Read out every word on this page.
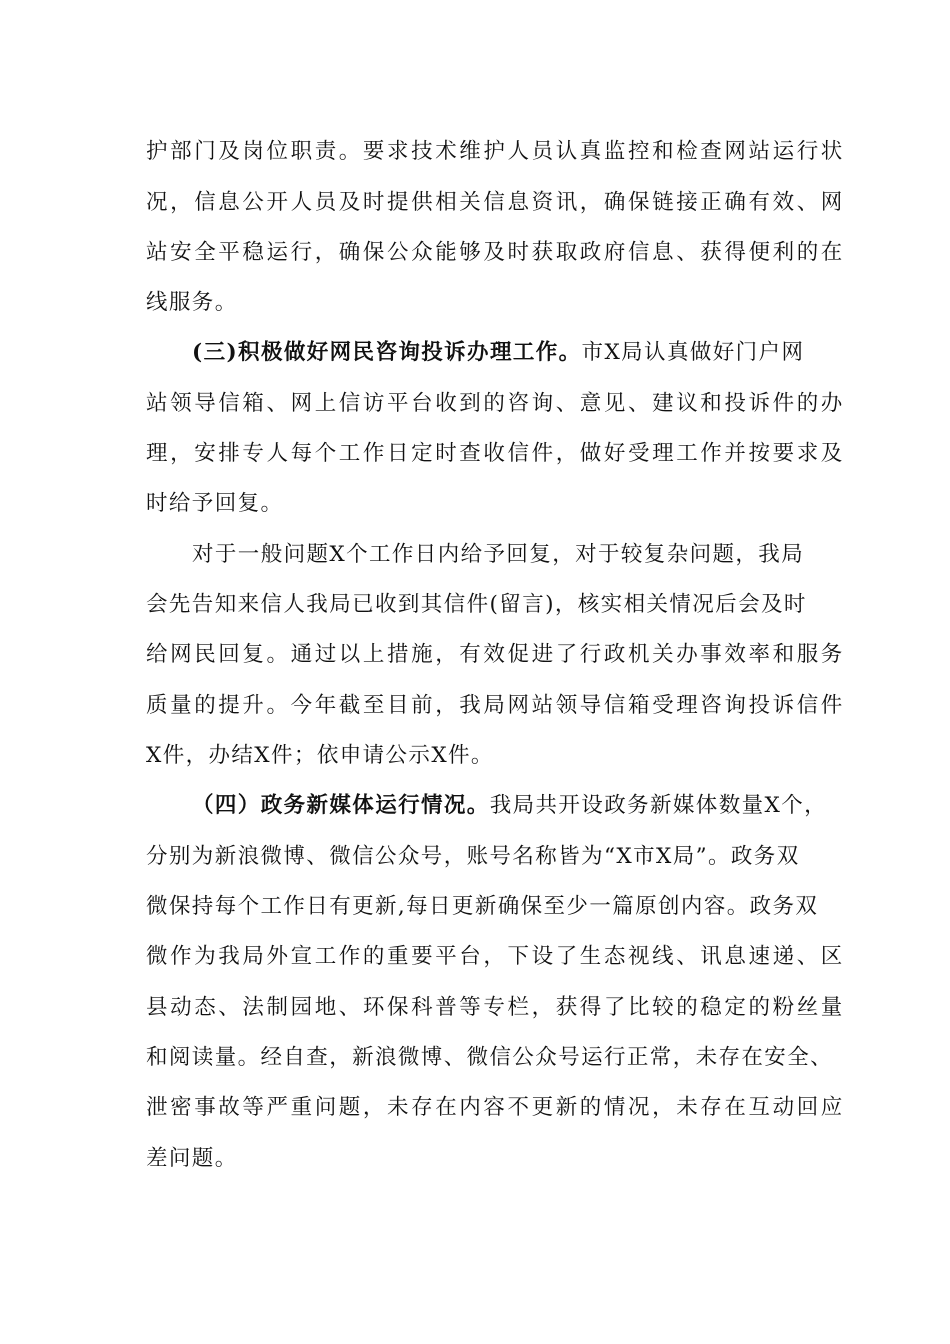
护部门及岗位职责。要求技术维护人员认真监控和检查网站运行状
况，信息公开人员及时提供相关信息资讯，确保链接正确有效、网
站安全平稳运行，确保公众能够及时获取政府信息、获得便利的在
线服务。
(三)积极做好网民咨询投诉办理工作。市X局认真做好门户网
站领导信箱、网上信访平台收到的咨询、意见、建议和投诉件的办
理，安排专人每个工作日定时查收信件，做好受理工作并按要求及
时给予回复。
对于一般问题X个工作日内给予回复，对于较复杂问题，我局
会先告知来信人我局已收到其信件(留言)，核实相关情况后会及时
给网民回复。通过以上措施，有效促进了行政机关办事效率和服务
质量的提升。今年截至目前，我局网站领导信箱受理咨询投诉信件
X件，办结X件；依申请公示X件。
（四）政务新媒体运行情况。我局共开设政务新媒体数量X个，
分别为新浪微博、微信公众号，账号名称皆为“X市X局”。政务双
微保持每个工作日有更新,每日更新确保至少一篇原创内容。政务双
微作为我局外宣工作的重要平台，下设了生态视线、讯息速递、区
县动态、法制园地、环保科普等专栏，获得了比较的稳定的粉丝量
和阅读量。经自查，新浪微博、微信公众号运行正常，未存在安全、
泄密事故等严重问题，未存在内容不更新的情况，未存在互动回应
差问题。
